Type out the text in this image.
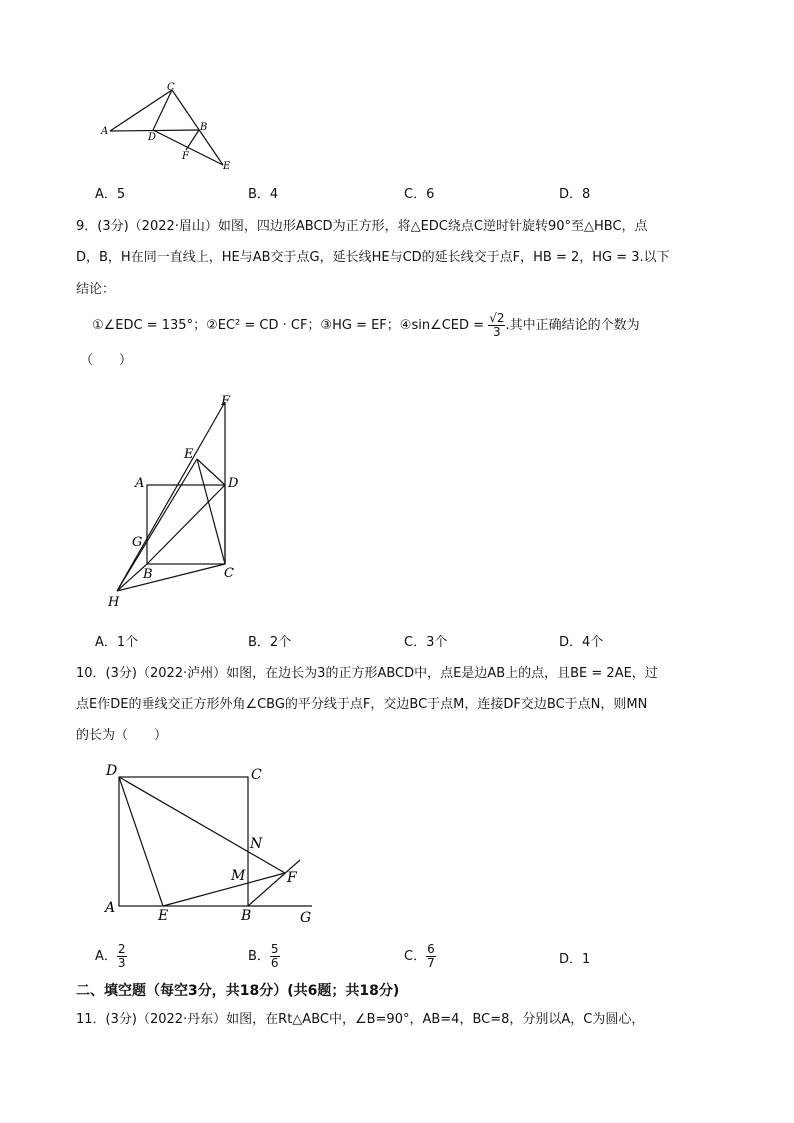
C
A
D
B
F
E
A．5	B．4	C．6	D．8
9．(3分)（2022·眉山）如图，四边形ABCD为正方形，将△EDC绕点C逆时针旋转90°至△HBC，点
D，B，H在同一直线上，HE与AB交于点G，延长线HE与CD的延长线交于点F，HB = 2，HG = 3.以下
结论：
①∠EDC = 135°；②EC² = CD · CF；③HG = EF；④sin∠CED = $\frac{√2}{3}$ .其中正确结论的个数为
（　　）
F
E
A	D
G
B	C
H
A．1个	B．2个	C．3个	D．4个
10．(3分)（2022·泸州）如图，在边长为3的正方形ABCD中，点E是边AB上的点，且BE = 2AE，过
点E作DE的垂线交正方形外角∠CBG的平分线于点F，交边BC于点M，连接DF交边BC于点N，则MN
的长为（　　）
D	C
N
M	F
A	E	B	G
A． $\frac{2}{3}$	B． $\frac{5}{6}$	C． $\frac{6}{7}$	D．1
二、填空题（每空3分，共18分）(共6题；共18分)
11．(3分)（2022·丹东）如图，在Rt△ABC中，∠B=90°，AB=4，BC=8，分别以A，C为圆心，
